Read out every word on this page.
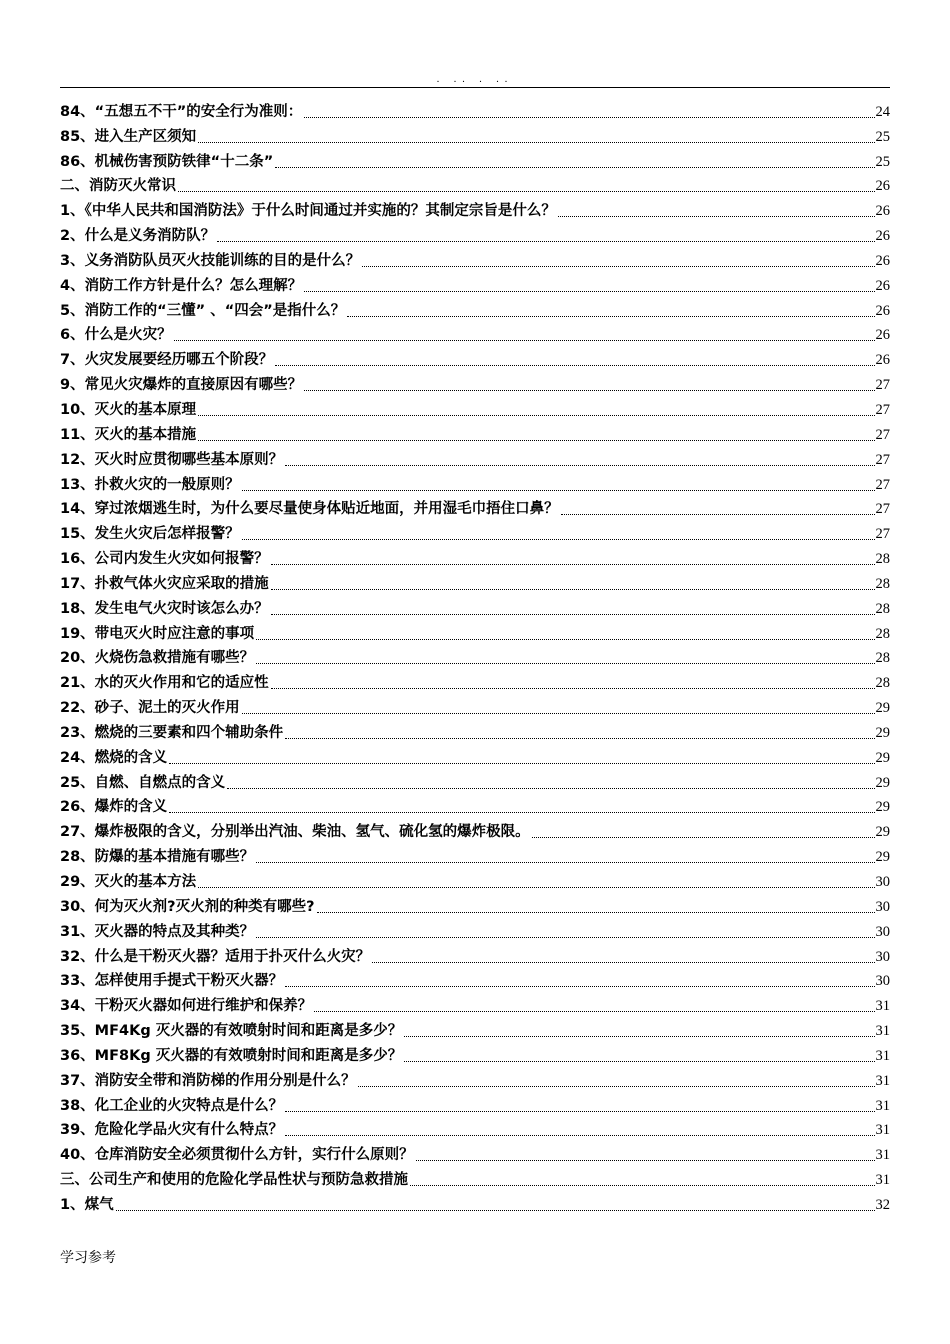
. .. . ..
84、“五想五不干”的安全行为准则：	24
85、进入生产区须知	25
86、机械伤害预防铁律“十二条”	25
二、消防灭火常识	26
1、《中华人民共和国消防法》于什么时间通过并实施的？其制定宗旨是什么？	26
2、什么是义务消防队？	26
3、义务消防队员灭火技能训练的目的是什么？	26
4、消防工作方针是什么？怎么理解？	26
5、消防工作的“三懂” 、“四会”是指什么？	26
6、什么是火灾？	26
7、火灾发展要经历哪五个阶段？	26
9、常见火灾爆炸的直接原因有哪些？	27
10、灭火的基本原理	27
11、灭火的基本措施	27
12、灭火时应贯彻哪些基本原则？	27
13、扑救火灾的一般原则？	27
14、穿过浓烟逃生时，为什么要尽量使身体贴近地面，并用湿毛巾捂住口鼻？	27
15、发生火灾后怎样报警？	27
16、公司内发生火灾如何报警？	28
17、扑救气体火灾应采取的措施	28
18、发生电气火灾时该怎么办？	28
19、带电灭火时应注意的事项	28
20、火烧伤急救措施有哪些？	28
21、水的灭火作用和它的适应性	28
22、砂子、泥土的灭火作用	29
23、燃烧的三要素和四个辅助条件	29
24、燃烧的含义	29
25、自燃、自燃点的含义	29
26、爆炸的含义	29
27、爆炸极限的含义，分别举出汽油、柴油、氢气、硫化氢的爆炸极限。	29
28、防爆的基本措施有哪些？	29
29、灭火的基本方法	30
30、何为灭火剂?灭火剂的种类有哪些?	30
31、灭火器的特点及其种类？	30
32、什么是干粉灭火器？适用于扑灭什么火灾？	30
33、怎样使用手提式干粉灭火器？	30
34、干粉灭火器如何进行维护和保养？	31
35、MF4Kg 灭火器的有效喷射时间和距离是多少？	31
36、MF8Kg 灭火器的有效喷射时间和距离是多少？	31
37、消防安全带和消防梯的作用分别是什么？	31
38、化工企业的火灾特点是什么？	31
39、危险化学品火灾有什么特点？	31
40、仓库消防安全必须贯彻什么方针，实行什么原则？	31
三、公司生产和使用的危险化学品性状与预防急救措施	31
1、煤气	32
学习参考
